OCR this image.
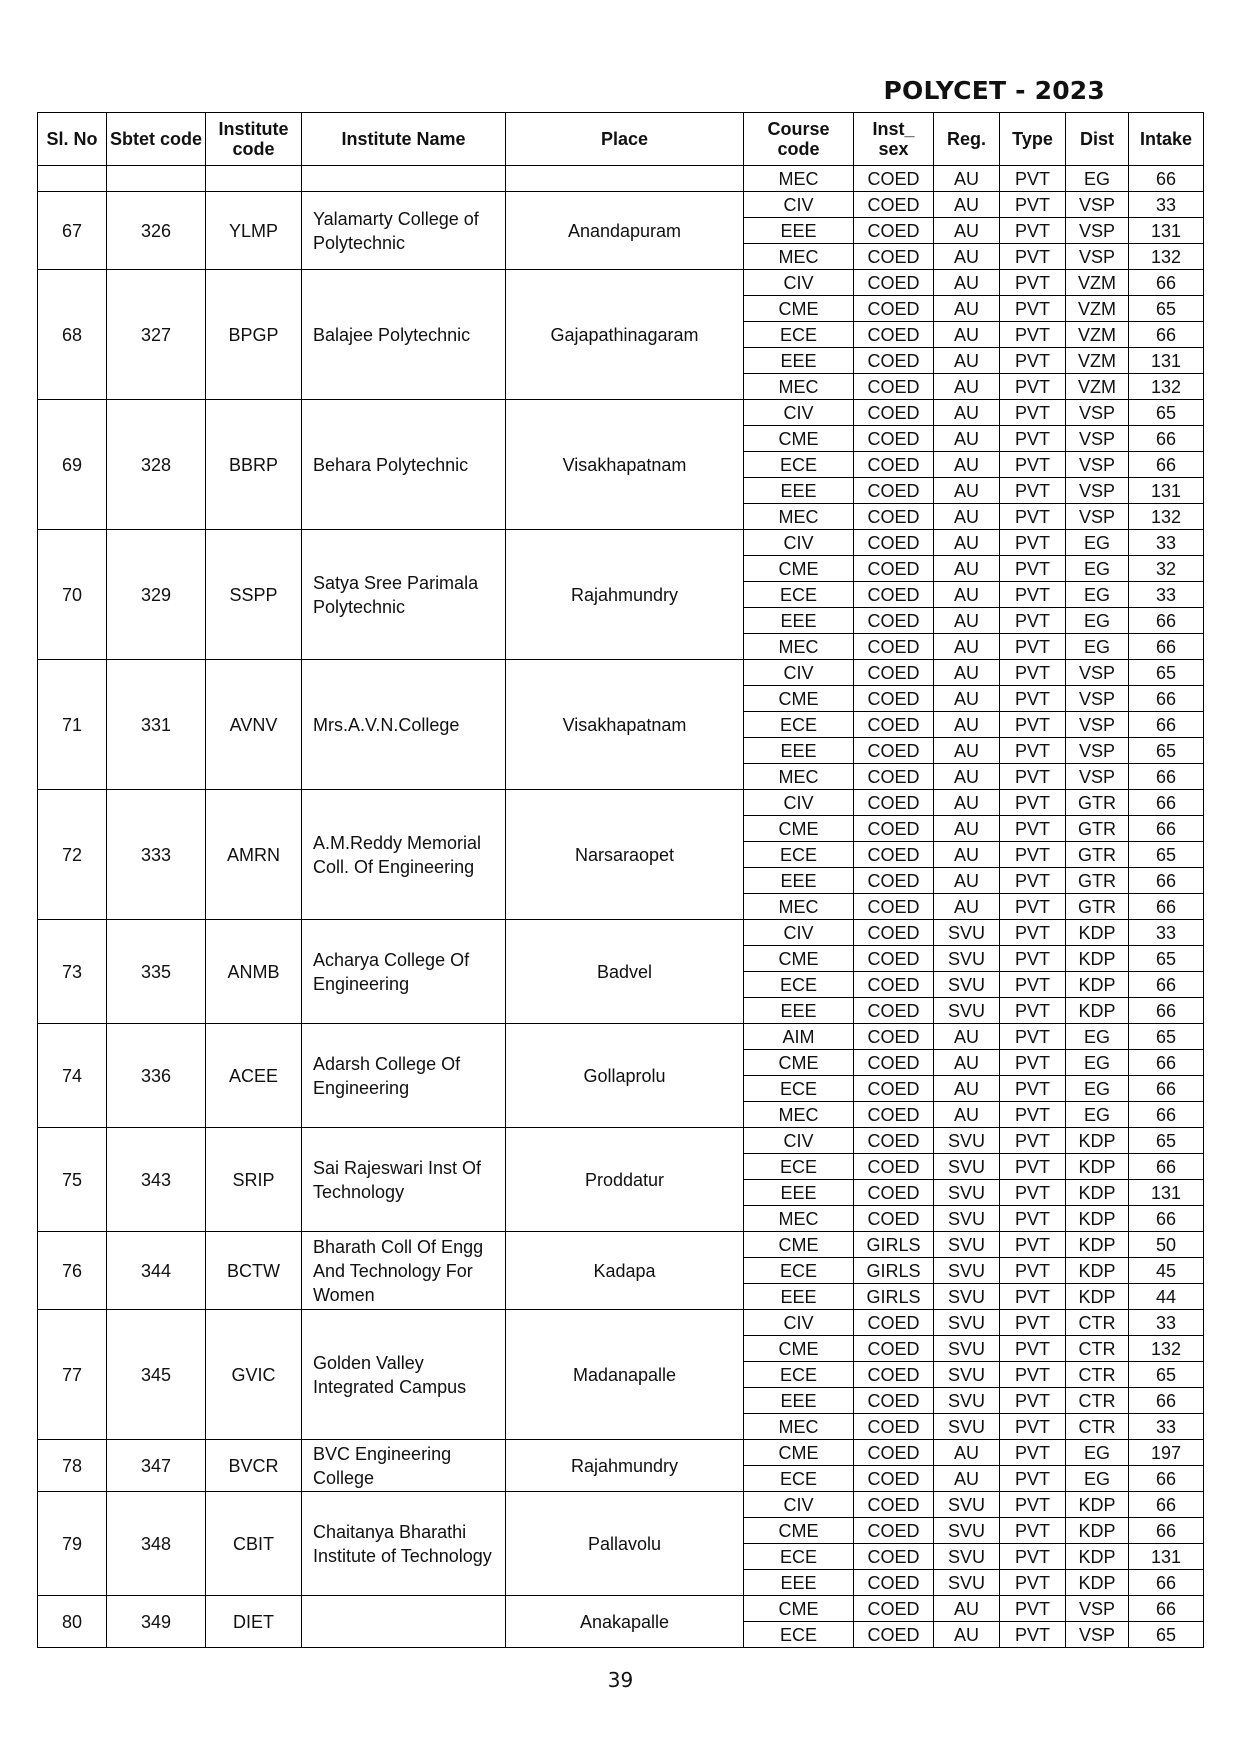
POLYCET - 2023
Sl. No	Sbtet code	Institute code	Institute Name	Place	Course code	Inst_ sex	Reg.	Type	Dist	Intake
					MEC	COED	AU	PVT	EG	66
67	326	YLMP	Yalamarty College of Polytechnic	Anandapuram	CIV	COED	AU	PVT	VSP	33
					EEE	COED	AU	PVT	VSP	131
					MEC	COED	AU	PVT	VSP	132
68	327	BPGP	Balajee Polytechnic	Gajapathinagaram	CIV	COED	AU	PVT	VZM	66
					CME	COED	AU	PVT	VZM	65
					ECE	COED	AU	PVT	VZM	66
					EEE	COED	AU	PVT	VZM	131
					MEC	COED	AU	PVT	VZM	132
69	328	BBRP	Behara Polytechnic	Visakhapatnam	CIV	COED	AU	PVT	VSP	65
					CME	COED	AU	PVT	VSP	66
					ECE	COED	AU	PVT	VSP	66
					EEE	COED	AU	PVT	VSP	131
					MEC	COED	AU	PVT	VSP	132
70	329	SSPP	Satya Sree Parimala Polytechnic	Rajahmundry	CIV	COED	AU	PVT	EG	33
					CME	COED	AU	PVT	EG	32
					ECE	COED	AU	PVT	EG	33
					EEE	COED	AU	PVT	EG	66
					MEC	COED	AU	PVT	EG	66
71	331	AVNV	Mrs.A.V.N.College	Visakhapatnam	CIV	COED	AU	PVT	VSP	65
					CME	COED	AU	PVT	VSP	66
					ECE	COED	AU	PVT	VSP	66
					EEE	COED	AU	PVT	VSP	65
					MEC	COED	AU	PVT	VSP	66
72	333	AMRN	A.M.Reddy Memorial Coll. Of Engineering	Narsaraopet	CIV	COED	AU	PVT	GTR	66
					CME	COED	AU	PVT	GTR	66
					ECE	COED	AU	PVT	GTR	65
					EEE	COED	AU	PVT	GTR	66
					MEC	COED	AU	PVT	GTR	66
73	335	ANMB	Acharya College Of Engineering	Badvel	CIV	COED	SVU	PVT	KDP	33
					CME	COED	SVU	PVT	KDP	65
					ECE	COED	SVU	PVT	KDP	66
					EEE	COED	SVU	PVT	KDP	66
74	336	ACEE	Adarsh College Of Engineering	Gollaprolu	AIM	COED	AU	PVT	EG	65
					CME	COED	AU	PVT	EG	66
					ECE	COED	AU	PVT	EG	66
					MEC	COED	AU	PVT	EG	66
75	343	SRIP	Sai Rajeswari Inst Of Technology	Proddatur	CIV	COED	SVU	PVT	KDP	65
					ECE	COED	SVU	PVT	KDP	66
					EEE	COED	SVU	PVT	KDP	131
					MEC	COED	SVU	PVT	KDP	66
76	344	BCTW	Bharath Coll Of Engg And Technology For Women	Kadapa	CME	GIRLS	SVU	PVT	KDP	50
					ECE	GIRLS	SVU	PVT	KDP	45
					EEE	GIRLS	SVU	PVT	KDP	44
77	345	GVIC	Golden Valley Integrated Campus	Madanapalle	CIV	COED	SVU	PVT	CTR	33
					CME	COED	SVU	PVT	CTR	132
					ECE	COED	SVU	PVT	CTR	65
					EEE	COED	SVU	PVT	CTR	66
					MEC	COED	SVU	PVT	CTR	33
78	347	BVCR	BVC Engineering College	Rajahmundry	CME	COED	AU	PVT	EG	197
					ECE	COED	AU	PVT	EG	66
79	348	CBIT	Chaitanya Bharathi Institute of Technology	Pallavolu	CIV	COED	SVU	PVT	KDP	66
					CME	COED	SVU	PVT	KDP	66
					ECE	COED	SVU	PVT	KDP	131
					EEE	COED	SVU	PVT	KDP	66
80	349	DIET		Anakapalle	CME	COED	AU	PVT	VSP	66
					ECE	COED	AU	PVT	VSP	65
39
